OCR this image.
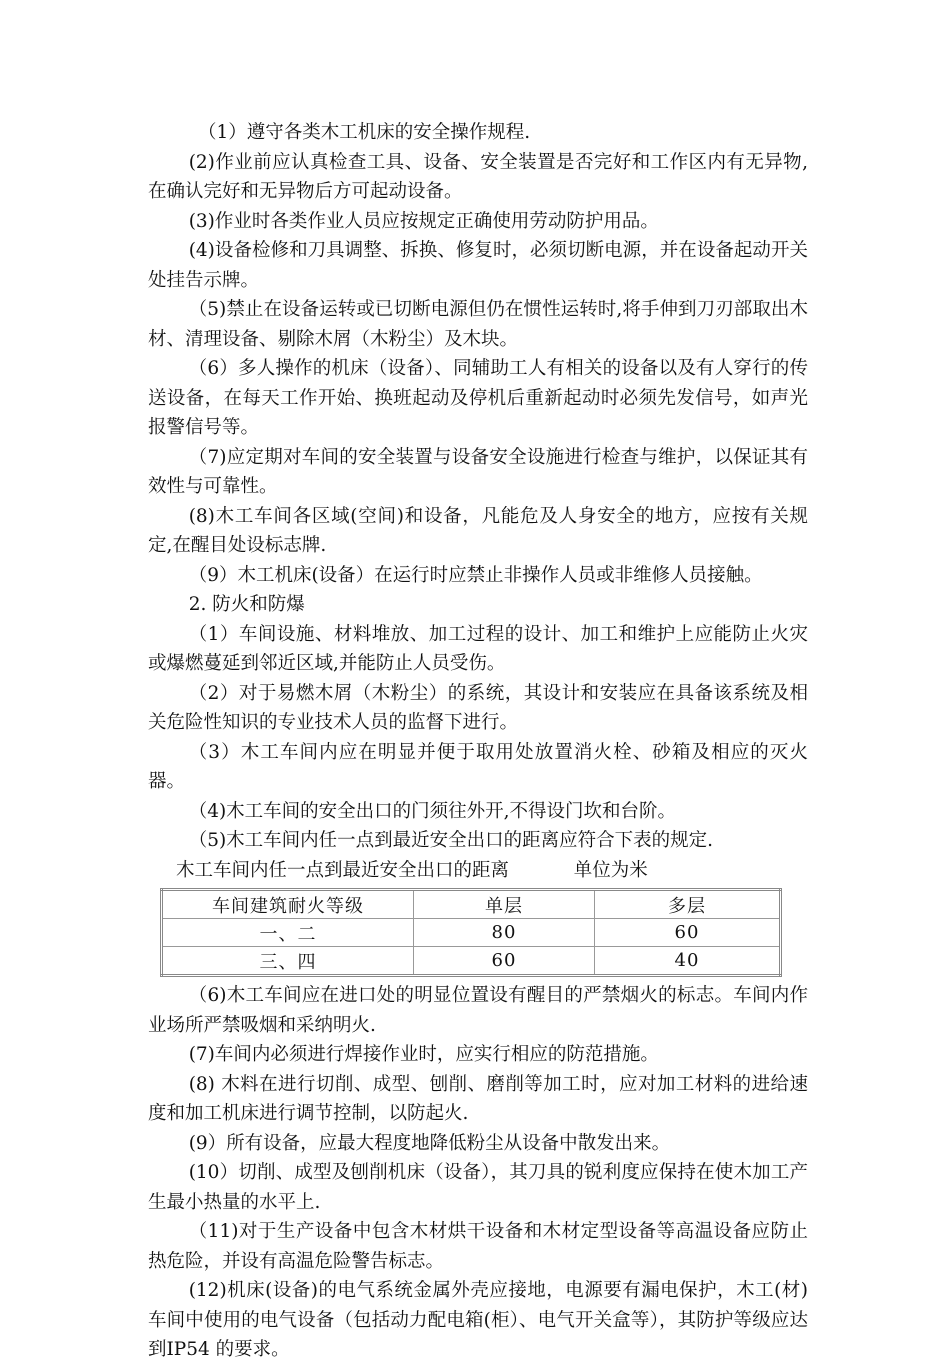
（1）遵守各类木工机床的安全操作规程.

(2)作业前应认真检查工具、设备、安全装置是否完好和工作区内有无异物,在确认完好和无异物后方可起动设备。

(3)作业时各类作业人员应按规定正确使用劳动防护用品。

(4)设备检修和刀具调整、拆换、修复时，必须切断电源，并在设备起动开关处挂告示牌。

（5)禁止在设备运转或已切断电源但仍在惯性运转时,将手伸到刀刃部取出木材、清理设备、剔除木屑（木粉尘）及木块。

（6）多人操作的机床（设备）、同辅助工人有相关的设备以及有人穿行的传送设备，在每天工作开始、换班起动及停机后重新起动时必须先发信号，如声光报警信号等。

（7)应定期对车间的安全装置与设备安全设施进行检查与维护，以保证其有效性与可靠性。

(8)木工车间各区域(空间)和设备，凡能危及人身安全的地方，应按有关规定,在醒目处设标志牌.

（9）木工机床(设备）在运行时应禁止非操作人员或非维修人员接触。

2. 防火和防爆

（1）车间设施、材料堆放、加工过程的设计、加工和维护上应能防止火灾或爆燃蔓延到邻近区域,并能防止人员受伤。

（2）对于易燃木屑（木粉尘）的系统，其设计和安装应在具备该系统及相关危险性知识的专业技术人员的监督下进行。

（3）木工车间内应在明显并便于取用处放置消火栓、砂箱及相应的灭火器。

（4)木工车间的安全出口的门须往外开,不得设门坎和台阶。

（5)木工车间内任一点到最近安全出口的距离应符合下表的规定.

木工车间内任一点到最近安全出口的距离	单位为米
车间建筑耐火等级	单层	多层
一、二	80	60
三、四	60	40

（6)木工车间应在进口处的明显位置设有醒目的严禁烟火的标志。车间内作业场所严禁吸烟和采纳明火.

(7)车间内必须进行焊接作业时，应实行相应的防范措施。

(8) 木料在进行切削、成型、刨削、磨削等加工时，应对加工材料的进给速度和加工机床进行调节控制，以防起火.

(9）所有设备，应最大程度地降低粉尘从设备中散发出来。

(10）切削、成型及刨削机床（设备），其刀具的锐利度应保持在使木加工产生最小热量的水平上.

（11)对于生产设备中包含木材烘干设备和木材定型设备等高温设备应防止热危险，并设有高温危险警告标志。

(12)机床(设备)的电气系统金属外壳应接地，电源要有漏电保护，木工(材)车间中使用的电气设备（包括动力配电箱(柜）、电气开关盒等），其防护等级应达到IP54 的要求。
